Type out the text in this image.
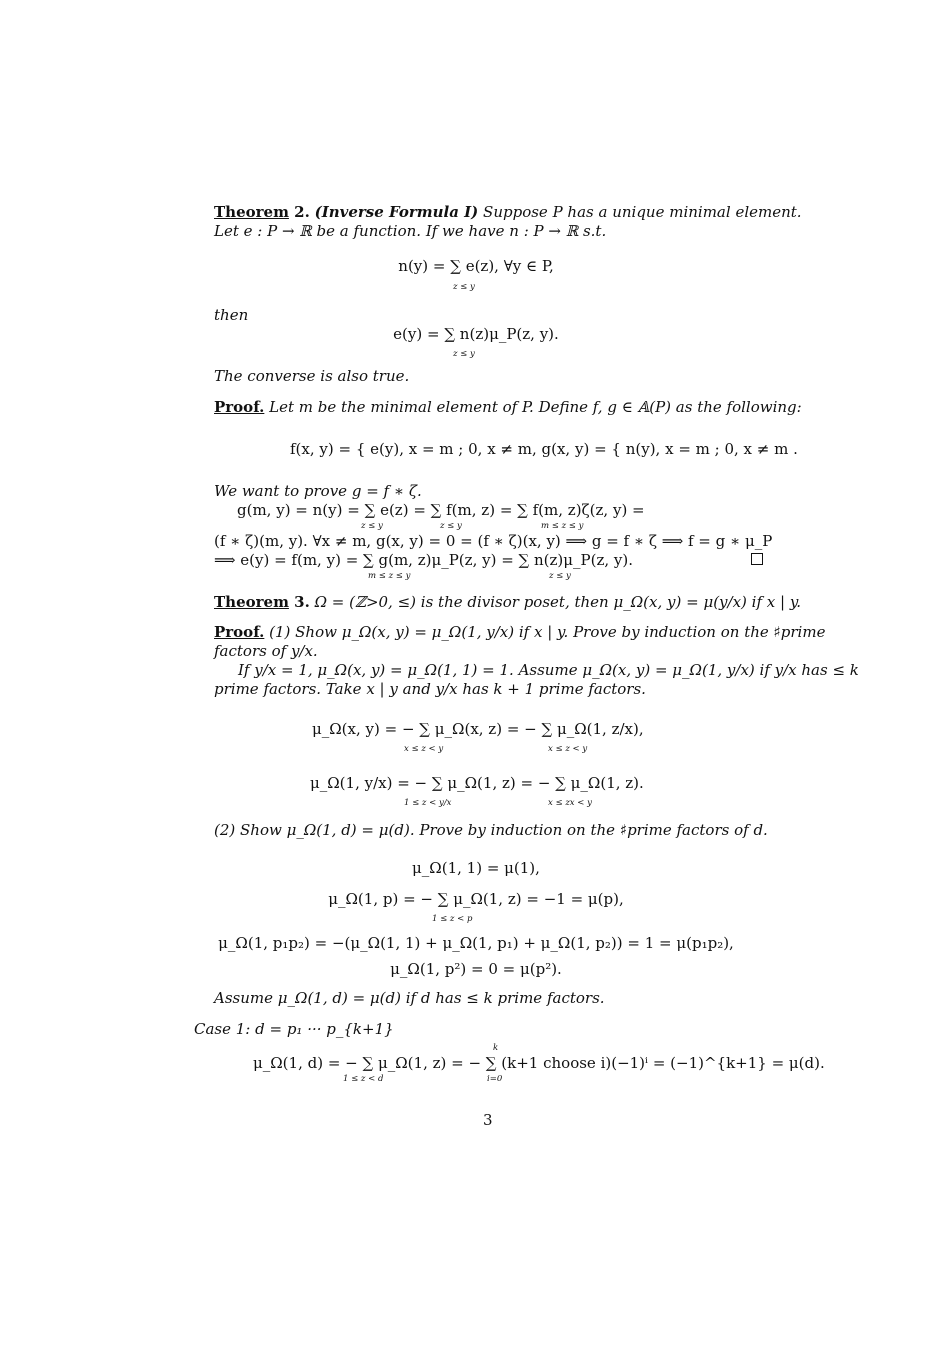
Theorem 2. (Inverse Formula I) Suppose P has a unique minimal element.
Let e : P → ℝ be a function. If we have n : P → ℝ s.t.
n(y) = ∑ e(z), ∀y ∈ P,
z ≤ y
then
e(y) = ∑ n(z)μ_P(z, y).
z ≤ y
The converse is also true.
Proof. Let m be the minimal element of P. Define f, g ∈ 𝔸(P) as the following:
f(x, y) = { e(y), x = m ; 0, x ≠ m, g(x, y) = { n(y), x = m ; 0, x ≠ m .
We want to prove g = f ∗ ζ.
g(m, y) = n(y) = ∑ e(z) = ∑ f(m, z) = ∑ f(m, z)ζ(z, y) =
z ≤ y	z ≤ y	m ≤ z ≤ y
(f ∗ ζ)(m, y). ∀x ≠ m, g(x, y) = 0 = (f ∗ ζ)(x, y) ⟹ g = f ∗ ζ ⟹ f = g ∗ μ_P
⟹ e(y) = f(m, y) = ∑ g(m, z)μ_P(z, y) = ∑ n(z)μ_P(z, y).
m ≤ z ≤ y	z ≤ y
Theorem 3. Ω = (ℤ>0, ≤) is the divisor poset, then μ_Ω(x, y) = μ(y/x) if x | y.
Proof. (1) Show μ_Ω(x, y) = μ_Ω(1, y/x) if x | y. Prove by induction on the ♯prime
factors of y/x.
If y/x = 1, μ_Ω(x, y) = μ_Ω(1, 1) = 1. Assume μ_Ω(x, y) = μ_Ω(1, y/x) if y/x has ≤ k
prime factors. Take x | y and y/x has k + 1 prime factors.
μ_Ω(x, y) = − ∑ μ_Ω(x, z) = − ∑ μ_Ω(1, z/x),
x ≤ z < y	x ≤ z < y
μ_Ω(1, y/x) = − ∑ μ_Ω(1, z) = − ∑ μ_Ω(1, z).
1 ≤ z < y/x	x ≤ zx < y
(2) Show μ_Ω(1, d) = μ(d). Prove by induction on the ♯prime factors of d.
μ_Ω(1, 1) = μ(1),
μ_Ω(1, p) = − ∑ μ_Ω(1, z) = −1 = μ(p),
1 ≤ z < p
μ_Ω(1, p₁p₂) = −(μ_Ω(1, 1) + μ_Ω(1, p₁) + μ_Ω(1, p₂)) = 1 = μ(p₁p₂),
μ_Ω(1, p²) = 0 = μ(p²).
Assume μ_Ω(1, d) = μ(d) if d has ≤ k prime factors.
Case 1: d = p₁ ··· p_{k+1}
k
μ_Ω(1, d) = − ∑ μ_Ω(1, z) = − ∑ (k+1 choose i)(−1)ⁱ = (−1)^{k+1} = μ(d).
1 ≤ z < d	i=0
3
